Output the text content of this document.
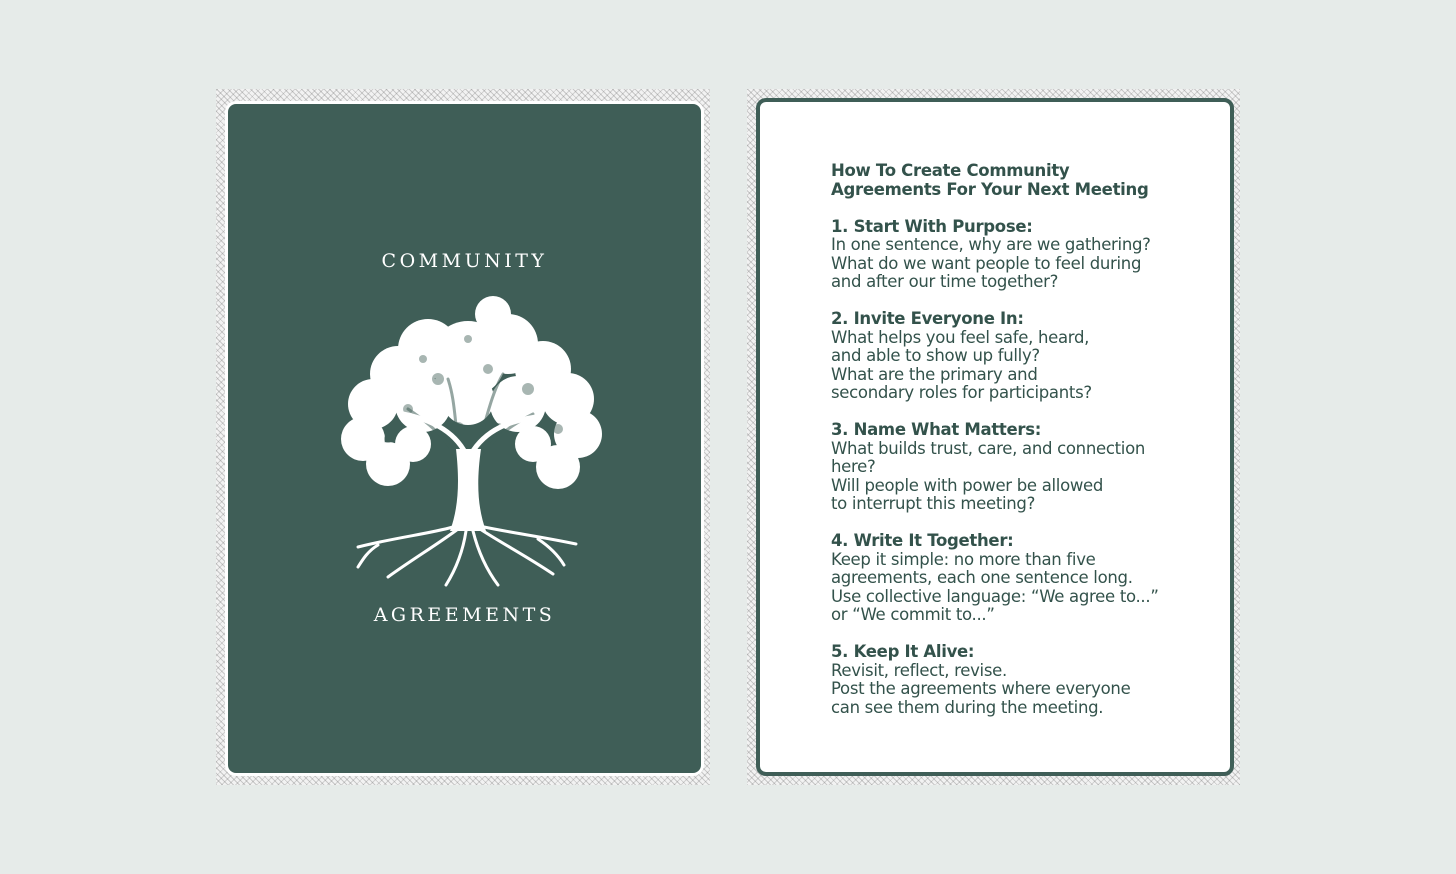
COMMUNITY
AGREEMENTS
How To Create Community
Agreements For Your Next Meeting
1. Start With Purpose:
In one sentence, why are we gathering?
What do we want people to feel during
and after our time together?
2. Invite Everyone In:
What helps you feel safe, heard,
and able to show up fully?
What are the primary and
secondary roles for participants?
3. Name What Matters:
What builds trust, care, and connection
here?
Will people with power be allowed
to interrupt this meeting?
4. Write It Together:
Keep it simple: no more than five
agreements, each one sentence long.
Use collective language: “We agree to...”
or “We commit to...”
5. Keep It Alive:
Revisit, reflect, revise.
Post the agreements where everyone
can see them during the meeting.
